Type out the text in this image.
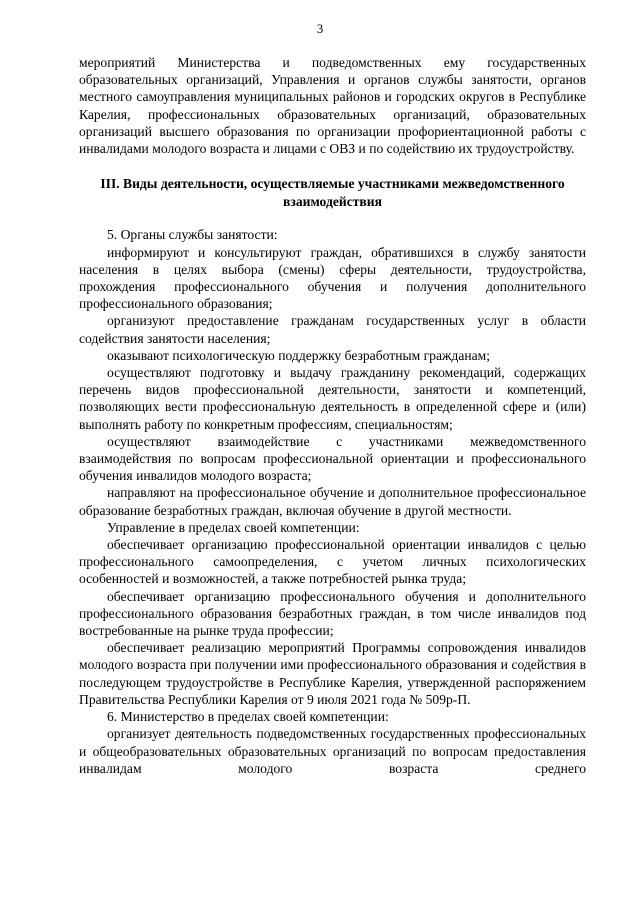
3

мероприятий Министерства и подведомственных ему государственных образовательных организаций, Управления и органов службы занятости, органов местного самоуправления муниципальных районов и городских округов в Республике Карелия, профессиональных образовательных организаций, образовательных организаций высшего образования по организации профориентационной работы с инвалидами молодого возраста и лицами с ОВЗ и по содействию их трудоустройству.

III. Виды деятельности, осуществляемые участниками межведомственного взаимодействия

5. Органы службы занятости:

информируют и консультируют граждан, обратившихся в службу занятости населения в целях выбора (смены) сферы деятельности, трудоустройства, прохождения профессионального обучения и получения дополнительного профессионального образования;

организуют предоставление гражданам государственных услуг в области содействия занятости населения;

оказывают психологическую поддержку безработным гражданам;

осуществляют подготовку и выдачу гражданину рекомендаций, содержащих перечень видов профессиональной деятельности, занятости и компетенций, позволяющих вести профессиональную деятельность в определенной сфере и (или) выполнять работу по конкретным профессиям, специальностям;

осуществляют взаимодействие с участниками межведомственного взаимодействия по вопросам профессиональной ориентации и профессионального обучения инвалидов молодого возраста;

направляют на профессиональное обучение и дополнительное профессиональное образование безработных граждан, включая обучение в другой местности.

Управление в пределах своей компетенции:

обеспечивает организацию профессиональной ориентации инвалидов с целью профессионального самоопределения, с учетом личных психологических особенностей и возможностей, а также потребностей рынка труда;

обеспечивает организацию профессионального обучения и дополнительного профессионального образования безработных граждан, в том числе инвалидов под востребованные на рынке труда профессии;

обеспечивает реализацию мероприятий Программы сопровождения инвалидов молодого возраста при получении ими профессионального образования и содействия в последующем трудоустройстве в Республике Карелия, утвержденной распоряжением Правительства Республики Карелия от 9 июля 2021 года № 509р-П.

6. Министерство в пределах своей компетенции:

организует деятельность подведомственных государственных профессиональных и общеобразовательных образовательных организаций по вопросам предоставления инвалидам молодого возраста среднего
